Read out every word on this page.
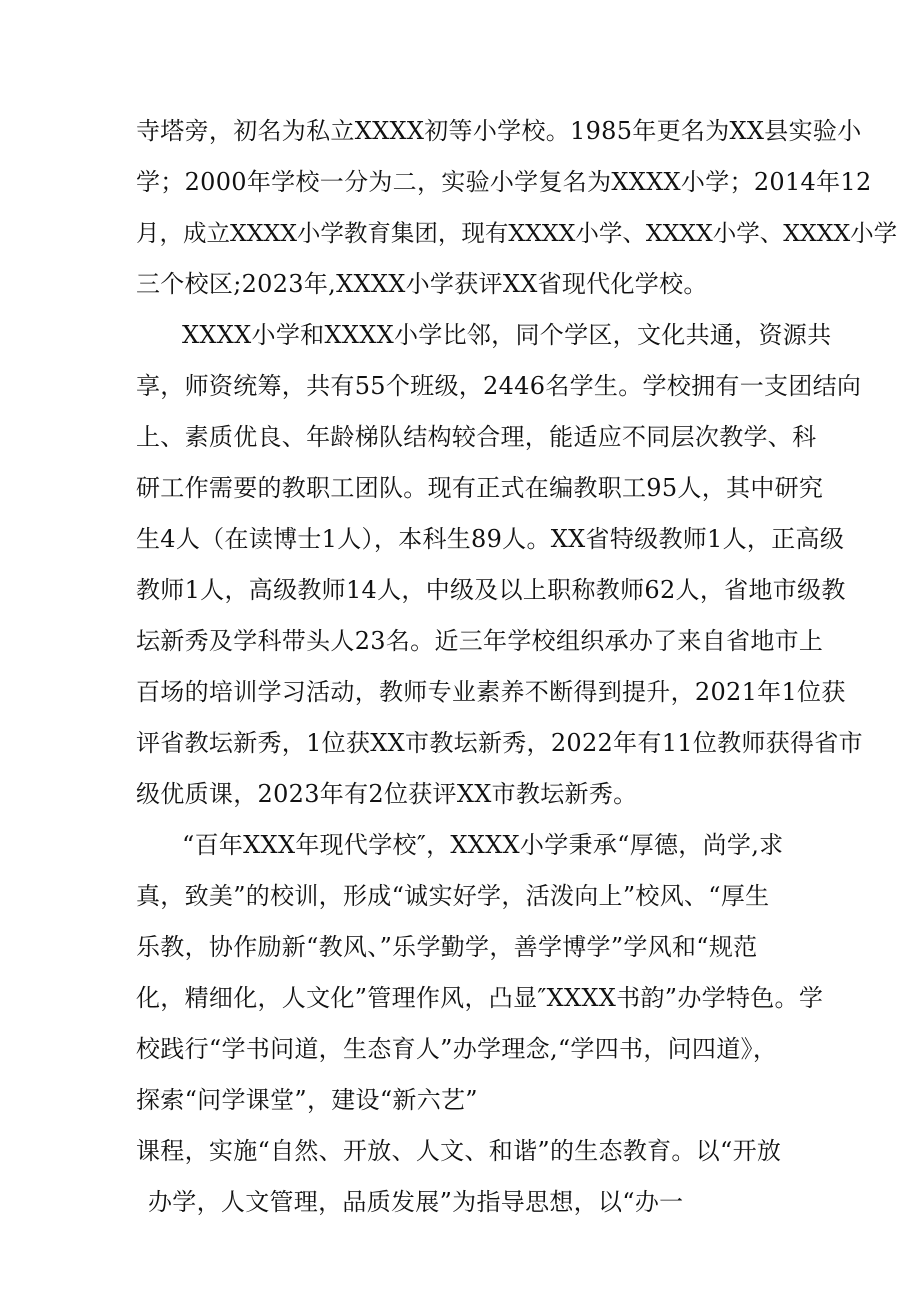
寺塔旁，初名为私立XXXX初等小学校。1985年更名为XX县实验小
学；2000年学校一分为二，实验小学复名为XXXX小学；2014年12
月，成立XXXX小学教育集团，现有XXXX小学、XXXX小学、XXXX小学
三个校区;2023年,XXXX小学获评XX省现代化学校。
XXXX小学和XXXX小学比邻，同个学区，文化共通，资源共
享，师资统筹，共有55个班级，2446名学生。学校拥有一支团结向
上、素质优良、年龄梯队结构较合理，能适应不同层次教学、科
研工作需要的教职工团队。现有正式在编教职工95人，其中研究
生4人（在读博士1人），本科生89人。XX省特级教师1人，正高级
教师1人，高级教师14人，中级及以上职称教师62人，省地市级教
坛新秀及学科带头人23名。近三年学校组织承办了来自省地市上
百场的培训学习活动，教师专业素养不断得到提升，2021年1位获
评省教坛新秀，1位获XX市教坛新秀，2022年有11位教师获得省市
级优质课，2023年有2位获评XX市教坛新秀。
“百年XXX年现代学校″，XXXX小学秉承“厚德，尚学,求
真，致美”的校训，形成“诚实好学，活泼向上”校风、“厚生
乐教，协作励新“教风、”乐学勤学，善学博学”学风和“规范
化，精细化，人文化”管理作风，凸显″XXXX书韵”办学特色。学
校践行“学书问道，生态育人”办学理念,“学四书，问四道》，
探索“问学课堂”，建设“新六艺”
课程，实施“自然、开放、人文、和谐”的生态教育。以“开放
办学，人文管理，品质发展”为指导思想，以“办一
